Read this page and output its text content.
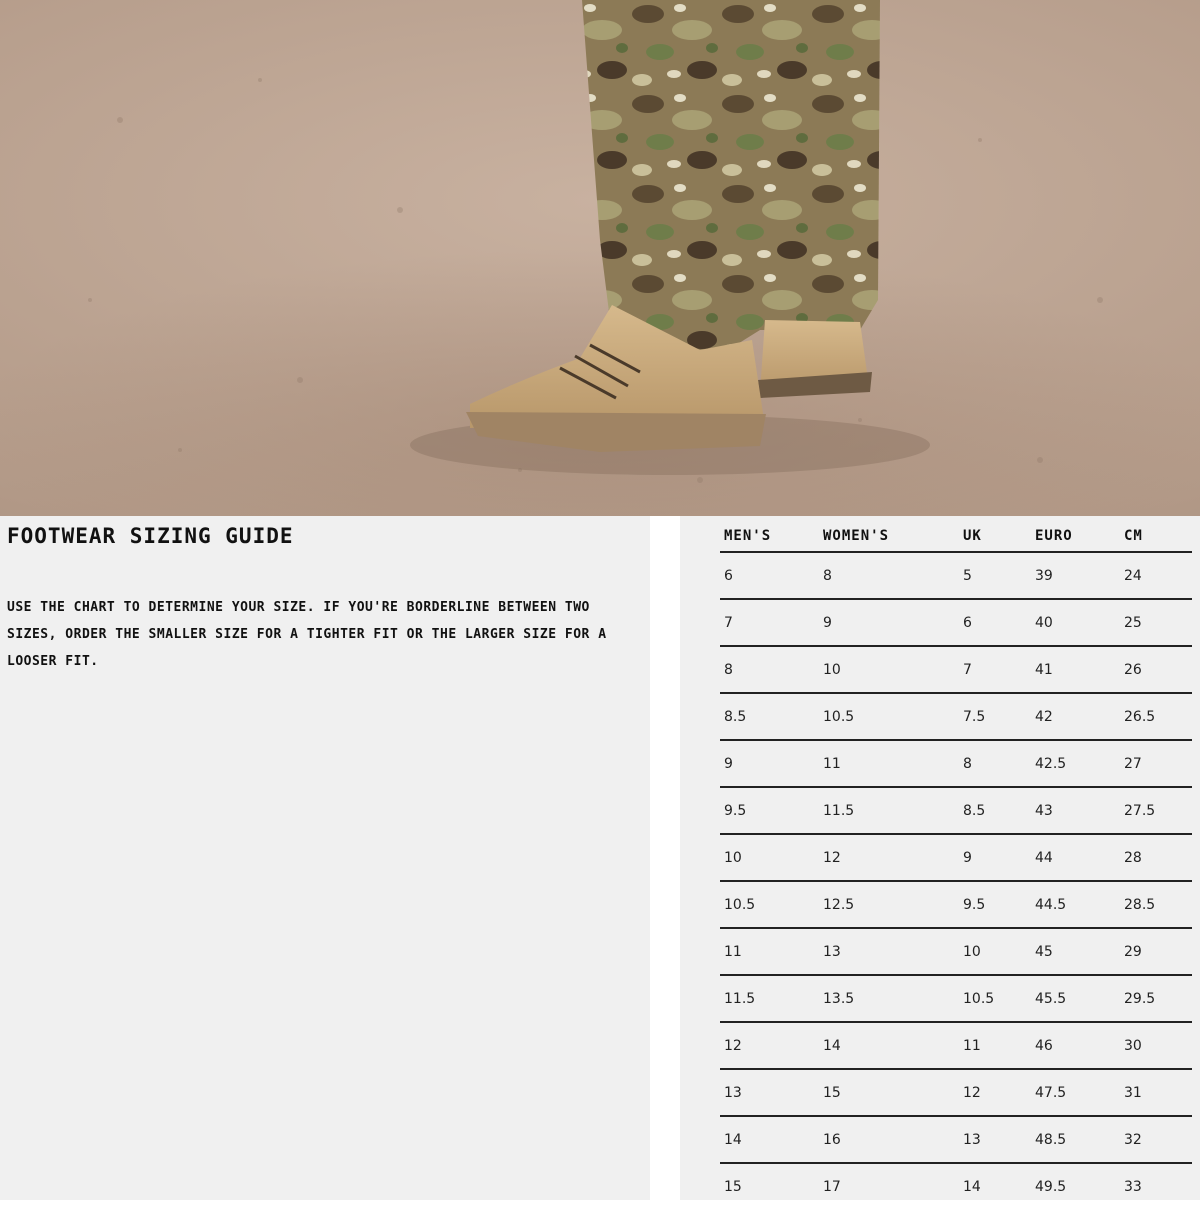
FOOTWEAR SIZING GUIDE

USE THE CHART TO DETERMINE YOUR SIZE. IF YOU'RE BORDERLINE BETWEEN TWO SIZES, ORDER THE SMALLER SIZE FOR A TIGHTER FIT OR THE LARGER SIZE FOR A LOOSER FIT.

MEN'S	WOMEN'S	UK	EURO	CM
6	8	5	39	24
7	9	6	40	25
8	10	7	41	26
8.5	10.5	7.5	42	26.5
9	11	8	42.5	27
9.5	11.5	8.5	43	27.5
10	12	9	44	28
10.5	12.5	9.5	44.5	28.5
11	13	10	45	29
11.5	13.5	10.5	45.5	29.5
12	14	11	46	30
13	15	12	47.5	31
14	16	13	48.5	32
15	17	14	49.5	33
